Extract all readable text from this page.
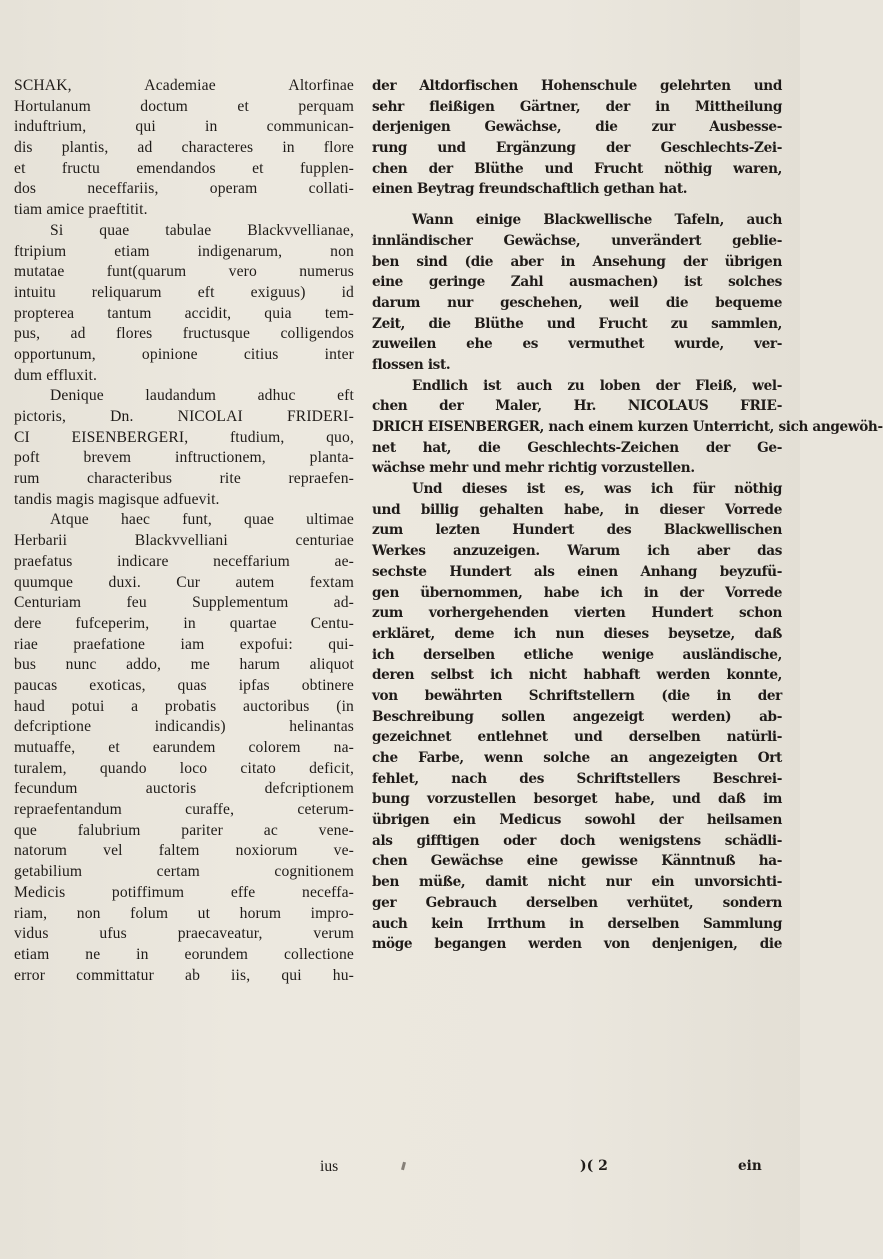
SCHAK, Academiae Altorfinae
Hortulanum doctum et perquam
induftrium, qui in communican-
dis plantis, ad characteres in flore
et fructu emendandos et fupplen-
dos neceffariis, operam collati-
tiam amice praeftitit.
Si quae tabulae Blackvvellianae,
ftripium etiam indigenarum, non
mutatae funt(quarum vero numerus
intuitu reliquarum eft exiguus) id
propterea tantum accidit, quia tem-
pus, ad flores fructusque colligendos
opportunum, opinione citius inter
dum effluxit.
Denique laudandum adhuc eft
pictoris, Dn. NICOLAI FRIDERI-
CI EISENBERGERI, ftudium, quo,
poft brevem inftructionem, planta-
rum characteribus rite repraefen-
tandis magis magisque adfuevit.
Atque haec funt, quae ultimae
Herbarii Blackvvelliani centuriae
praefatus indicare neceffarium ae-
quumque duxi. Cur autem fextam
Centuriam feu Supplementum ad-
dere fufceperim, in quartae Centu-
riae praefatione iam expofui: qui-
bus nunc addo, me harum aliquot
paucas exoticas, quas ipfas obtinere
haud potui a probatis auctoribus (in
defcriptione indicandis) helinantas
mutuaffe, et earundem colorem na-
turalem, quando loco citato deficit,
fecundum auctoris defcriptionem
repraefentandum curaffe, ceterum-
que falubrium pariter ac vene-
natorum vel faltem noxiorum ve-
getabilium certam cognitionem
Medicis potiffimum effe neceffa-
riam, non folum ut horum impro-
vidus ufus praecaveatur, verum
etiam ne in eorundem collectione
error committatur ab iis, qui hu-
der Altdorfischen Hohenschule gelehrten und
sehr fleißigen Gärtner, der in Mittheilung
derjenigen Gewächse, die zur Ausbesse-
rung und Ergänzung der Geschlechts-Zei-
chen der Blüthe und Frucht nöthig waren,
einen Beytrag freundschaftlich gethan hat.
Wann einige Blackwellische Tafeln, auch
innländischer Gewächse, unverändert geblie-
ben sind (die aber in Ansehung der übrigen
eine geringe Zahl ausmachen) ist solches
darum nur geschehen, weil die bequeme
Zeit, die Blüthe und Frucht zu sammlen,
zuweilen ehe es vermuthet wurde, ver-
flossen ist.
Endlich ist auch zu loben der Fleiß, wel-
chen der Maler, Hr. NICOLAUS FRIE-
DRICH EISENBERGER, nach einem kurzen Unterricht, sich angewöh-
net hat, die Geschlechts-Zeichen der Ge-
wächse mehr und mehr richtig vorzustellen.
Und dieses ist es, was ich für nöthig
und billig gehalten habe, in dieser Vorrede
zum lezten Hundert des Blackwellischen
Werkes anzuzeigen. Warum ich aber das
sechste Hundert als einen Anhang beyzufü-
gen übernommen, habe ich in der Vorrede
zum vorhergehenden vierten Hundert schon
erkläret, deme ich nun dieses beysetze, daß
ich derselben etliche wenige ausländische,
deren selbst ich nicht habhaft werden konnte,
von bewährten Schriftstellern (die in der
Beschreibung sollen angezeigt werden) ab-
gezeichnet entlehnet und derselben natürli-
che Farbe, wenn solche an angezeigten Ort
fehlet, nach des Schriftstellers Beschrei-
bung vorzustellen besorget habe, und daß im
übrigen ein Medicus sowohl der heilsamen
als gifftigen oder doch wenigstens schädli-
chen Gewächse eine gewisse Känntnuß ha-
ben müße, damit nicht nur ein unvorsichti-
ger Gebrauch derselben verhütet, sondern
auch kein Irrthum in derselben Sammlung
möge begangen werden von denjenigen, die
ius	)( 2	ein
